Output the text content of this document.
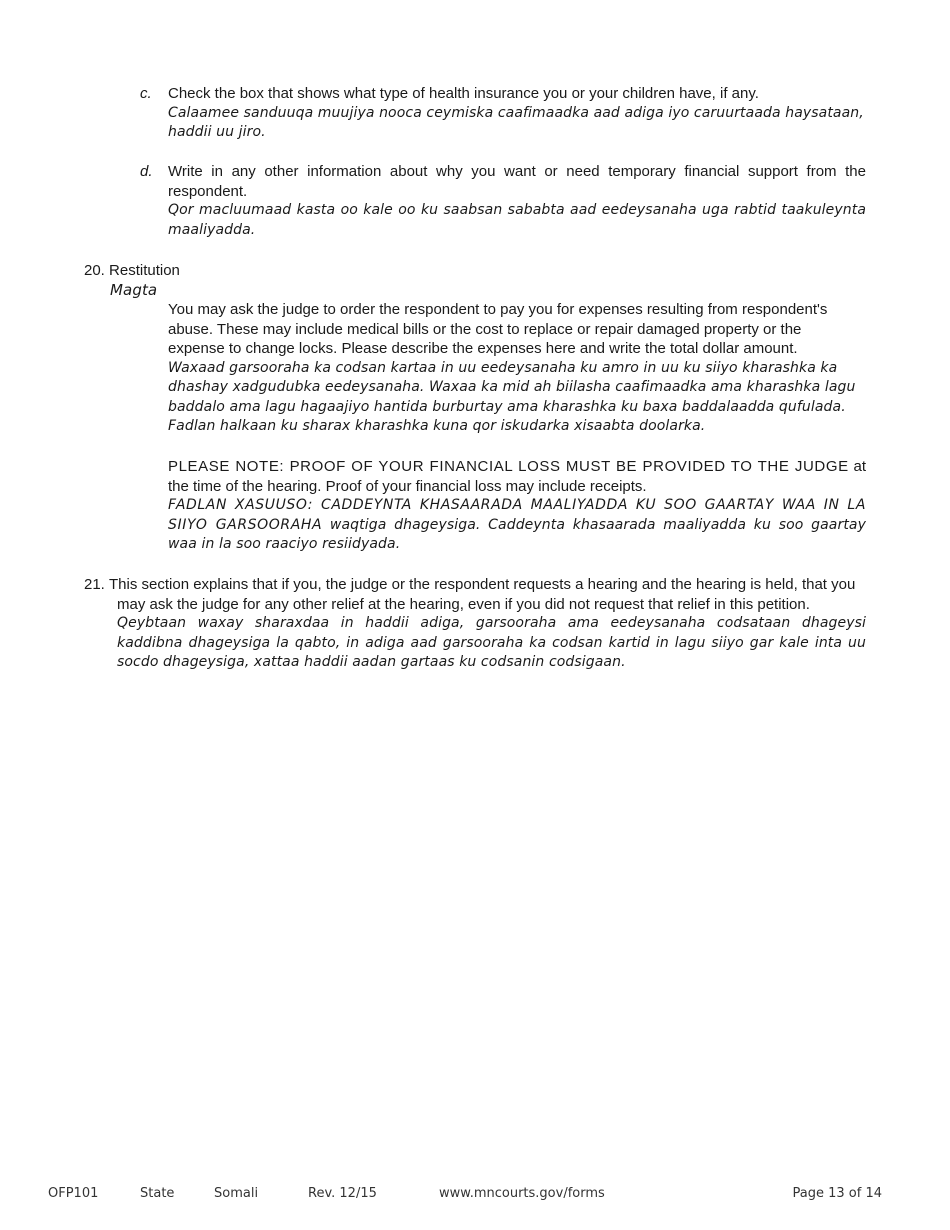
c. Check the box that shows what type of health insurance you or your children have, if any.

Calaamee sanduuqa muujiya nooca ceymiska caafimaadka aad adiga iyo caruurtaada haysataan, haddii uu jiro.

d. Write in any other information about why you want or need temporary financial support from the respondent.

Qor macluumaad kasta oo kale oo ku saabsan sababta aad eedeysanaha uga rabtid taakuleynta maaliyadda.

20. Restitution
Magta

You may ask the judge to order the respondent to pay you for expenses resulting from respondent's abuse. These may include medical bills or the cost to replace or repair damaged property or the expense to change locks. Please describe the expenses here and write the total dollar amount.

Waxaad garsooraha ka codsan kartaa in uu eedeysanaha ku amro in uu ku siiyo kharashka ka dhashay xadgudubka eedeysanaha. Waxaa ka mid ah biilasha caafimaadka ama kharashka lagu baddalo ama lagu hagaajiyo hantida burburtay ama kharashka ku baxa baddalaadda qufulada. Fadlan halkaan ku sharax kharashka kuna qor iskudarka xisaabta doolarka.

PLEASE NOTE: PROOF OF YOUR FINANCIAL LOSS MUST BE PROVIDED TO THE JUDGE at the time of the hearing. Proof of your financial loss may include receipts.

FADLAN XASUUSO: CADDEYNTA KHASAARADA MAALIYADDA KU SOO GAARTAY WAA IN LA SIIYO GARSOORAHA waqtiga dhageysiga. Caddeynta khasaarada maaliyadda ku soo gaartay waa in la soo raaciyo resiidyada.

21. This section explains that if you, the judge or the respondent requests a hearing and the hearing is held, that you may ask the judge for any other relief at the hearing, even if you did not request that relief in this petition.

Qeybtaan waxay sharaxdaa in haddii adiga, garsooraha ama eedeysanaha codsataan dhageysi kaddibna dhageysiga la qabto, in adiga aad garsooraha ka codsan kartid in lagu siiyo gar kale inta uu socdo dhageysiga, xattaa haddii aadan gartaas ku codsanin codsigaan.

OFP101	State	Somali	Rev. 12/15	www.mncourts.gov/forms	Page 13 of 14
